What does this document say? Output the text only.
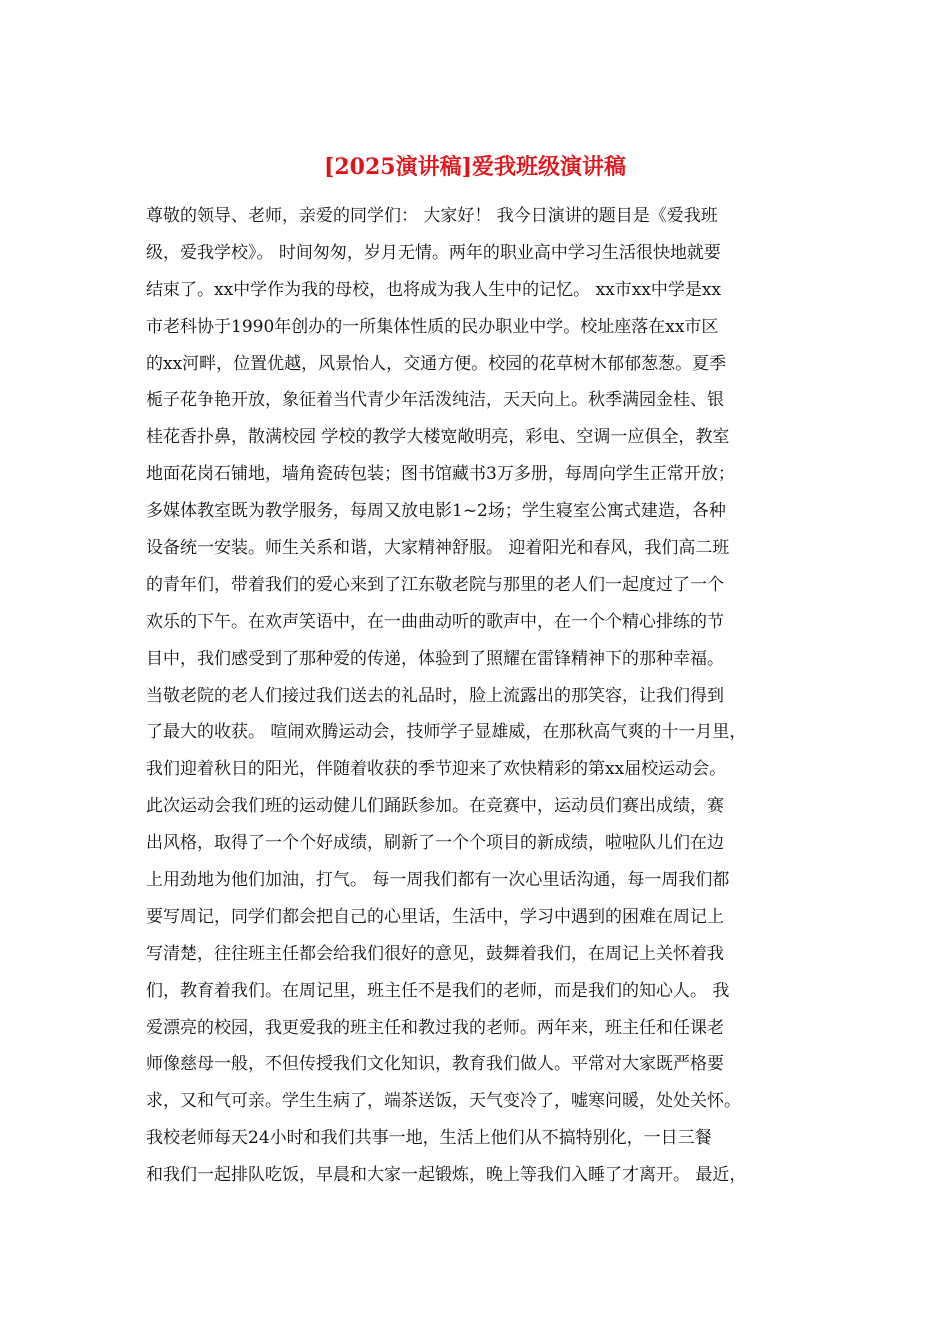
[2025演讲稿]爱我班级演讲稿
尊敬的领导、老师，亲爱的同学们： 大家好！ 我今日演讲的题目是《爱我班
级，爱我学校》。 时间匆匆，岁月无情。两年的职业高中学习生活很快地就要
结束了。xx中学作为我的母校，也将成为我人生中的记忆。 xx市xx中学是xx
市老科协于1990年创办的一所集体性质的民办职业中学。校址座落在xx市区
的xx河畔，位置优越，风景怡人，交通方便。校园的花草树木郁郁葱葱。夏季
栀子花争艳开放，象征着当代青少年活泼纯洁，天天向上。秋季满园金桂、银
桂花香扑鼻，散满校园 学校的教学大楼宽敞明亮，彩电、空调一应俱全，教室
地面花岗石铺地，墙角瓷砖包装；图书馆藏书3万多册，每周向学生正常开放；
多媒体教室既为教学服务，每周又放电影1~2场；学生寝室公寓式建造，各种
设备统一安装。师生关系和谐，大家精神舒服。 迎着阳光和春风，我们高二班
的青年们，带着我们的爱心来到了江东敬老院与那里的老人们一起度过了一个
欢乐的下午。在欢声笑语中，在一曲曲动听的歌声中，在一个个精心排练的节
目中，我们感受到了那种爱的传递，体验到了照耀在雷锋精神下的那种幸福。
当敬老院的老人们接过我们送去的礼品时，脸上流露出的那笑容，让我们得到
了最大的收获。 喧闹欢腾运动会，技师学子显雄威，在那秋高气爽的十一月里，
我们迎着秋日的阳光，伴随着收获的季节迎来了欢快精彩的第xx届校运动会。
此次运动会我们班的运动健儿们踊跃参加。在竞赛中，运动员们赛出成绩，赛
出风格，取得了一个个好成绩，刷新了一个个项目的新成绩，啦啦队儿们在边
上用劲地为他们加油，打气。 每一周我们都有一次心里话沟通，每一周我们都
要写周记，同学们都会把自己的心里话，生活中，学习中遇到的困难在周记上
写清楚，往往班主任都会给我们很好的意见，鼓舞着我们，在周记上关怀着我
们，教育着我们。在周记里，班主任不是我们的老师，而是我们的知心人。 我
爱漂亮的校园，我更爱我的班主任和教过我的老师。两年来，班主任和任课老
师像慈母一般，不但传授我们文化知识，教育我们做人。平常对大家既严格要
求，又和气可亲。学生生病了，端茶送饭，天气变冷了，嘘寒问暖，处处关怀。
我校老师每天24小时和我们共事一地，生活上他们从不搞特别化，一日三餐
和我们一起排队吃饭，早晨和大家一起锻炼，晚上等我们入睡了才离开。 最近，
